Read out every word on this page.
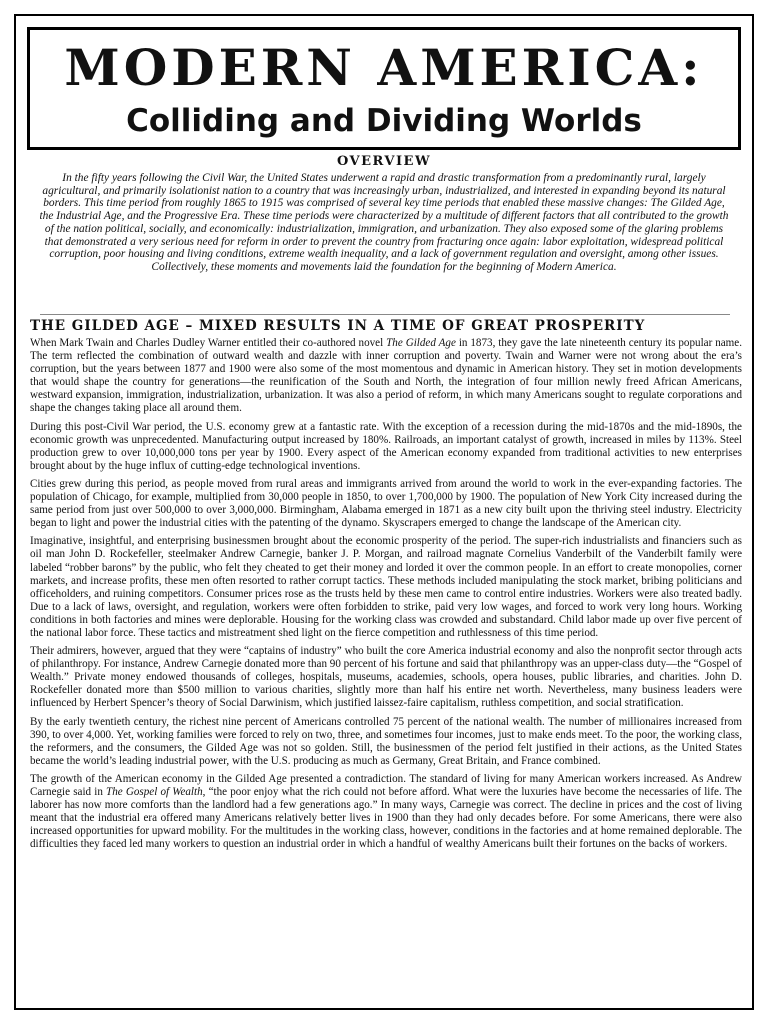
MODERN AMERICA:
Colliding and Dividing Worlds
OVERVIEW
In the fifty years following the Civil War, the United States underwent a rapid and drastic transformation from a predominantly rural, largely agricultural, and primarily isolationist nation to a country that was increasingly urban, industrialized, and interested in expanding beyond its natural borders. This time period from roughly 1865 to 1915 was comprised of several key time periods that enabled these massive changes: The Gilded Age, the Industrial Age, and the Progressive Era. These time periods were characterized by a multitude of different factors that all contributed to the growth of the nation political, socially, and economically: industrialization, immigration, and urbanization. They also exposed some of the glaring problems that demonstrated a very serious need for reform in order to prevent the country from fracturing once again: labor exploitation, widespread political corruption, poor housing and living conditions, extreme wealth inequality, and a lack of government regulation and oversight, among other issues. Collectively, these moments and movements laid the foundation for the beginning of Modern America.
THE GILDED AGE – MIXED RESULTS IN A TIME OF GREAT PROSPERITY

When Mark Twain and Charles Dudley Warner entitled their co-authored novel The Gilded Age in 1873, they gave the late nineteenth century its popular name. The term reflected the combination of outward wealth and dazzle with inner corruption and poverty. Twain and Warner were not wrong about the era’s corruption, but the years between 1877 and 1900 were also some of the most momentous and dynamic in American history. They set in motion developments that would shape the country for generations—the reunification of the South and North, the integration of four million newly freed African Americans, westward expansion, immigration, industrialization, urbanization. It was also a period of reform, in which many Americans sought to regulate corporations and shape the changes taking place all around them.

During this post-Civil War period, the U.S. economy grew at a fantastic rate. With the exception of a recession during the mid-1870s and the mid-1890s, the economic growth was unprecedented. Manufacturing output increased by 180%. Railroads, an important catalyst of growth, increased in miles by 113%. Steel production grew to over 10,000,000 tons per year by 1900. Every aspect of the American economy expanded from traditional activities to new enterprises brought about by the huge influx of cutting-edge technological inventions.

Cities grew during this period, as people moved from rural areas and immigrants arrived from around the world to work in the ever-expanding factories. The population of Chicago, for example, multiplied from 30,000 people in 1850, to over 1,700,000 by 1900. The population of New York City increased during the same period from just over 500,000 to over 3,000,000. Birmingham, Alabama emerged in 1871 as a new city built upon the thriving steel industry. Electricity began to light and power the industrial cities with the patenting of the dynamo. Skyscrapers emerged to change the landscape of the American city.

Imaginative, insightful, and enterprising businessmen brought about the economic prosperity of the period. The super-rich industrialists and financiers such as oil man John D. Rockefeller, steelmaker Andrew Carnegie, banker J. P. Morgan, and railroad magnate Cornelius Vanderbilt of the Vanderbilt family were labeled “robber barons” by the public, who felt they cheated to get their money and lorded it over the common people. In an effort to create monopolies, corner markets, and increase profits, these men often resorted to rather corrupt tactics. These methods included manipulating the stock market, bribing politicians and officeholders, and ruining competitors. Consumer prices rose as the trusts held by these men came to control entire industries. Workers were also treated badly. Due to a lack of laws, oversight, and regulation, workers were often forbidden to strike, paid very low wages, and forced to work very long hours. Working conditions in both factories and mines were deplorable. Housing for the working class was crowded and substandard. Child labor made up over five percent of the national labor force. These tactics and mistreatment shed light on the fierce competition and ruthlessness of this time period.

Their admirers, however, argued that they were “captains of industry” who built the core America industrial economy and also the nonprofit sector through acts of philanthropy. For instance, Andrew Carnegie donated more than 90 percent of his fortune and said that philanthropy was an upper-class duty—the “Gospel of Wealth.” Private money endowed thousands of colleges, hospitals, museums, academies, schools, opera houses, public libraries, and charities. John D. Rockefeller donated more than $500 million to various charities, slightly more than half his entire net worth. Nevertheless, many business leaders were influenced by Herbert Spencer’s theory of Social Darwinism, which justified laissez-faire capitalism, ruthless competition, and social stratification.

By the early twentieth century, the richest nine percent of Americans controlled 75 percent of the national wealth. The number of millionaires increased from 390, to over 4,000. Yet, working families were forced to rely on two, three, and sometimes four incomes, just to make ends meet. To the poor, the working class, the reformers, and the consumers, the Gilded Age was not so golden. Still, the businessmen of the period felt justified in their actions, as the United States became the world’s leading industrial power, with the U.S. producing as much as Germany, Great Britain, and France combined.

The growth of the American economy in the Gilded Age presented a contradiction. The standard of living for many American workers increased. As Andrew Carnegie said in The Gospel of Wealth, “the poor enjoy what the rich could not before afford. What were the luxuries have become the necessaries of life. The laborer has now more comforts than the landlord had a few generations ago.” In many ways, Carnegie was correct. The decline in prices and the cost of living meant that the industrial era offered many Americans relatively better lives in 1900 than they had only decades before. For some Americans, there were also increased opportunities for upward mobility. For the multitudes in the working class, however, conditions in the factories and at home remained deplorable. The difficulties they faced led many workers to question an industrial order in which a handful of wealthy Americans built their fortunes on the backs of workers.
